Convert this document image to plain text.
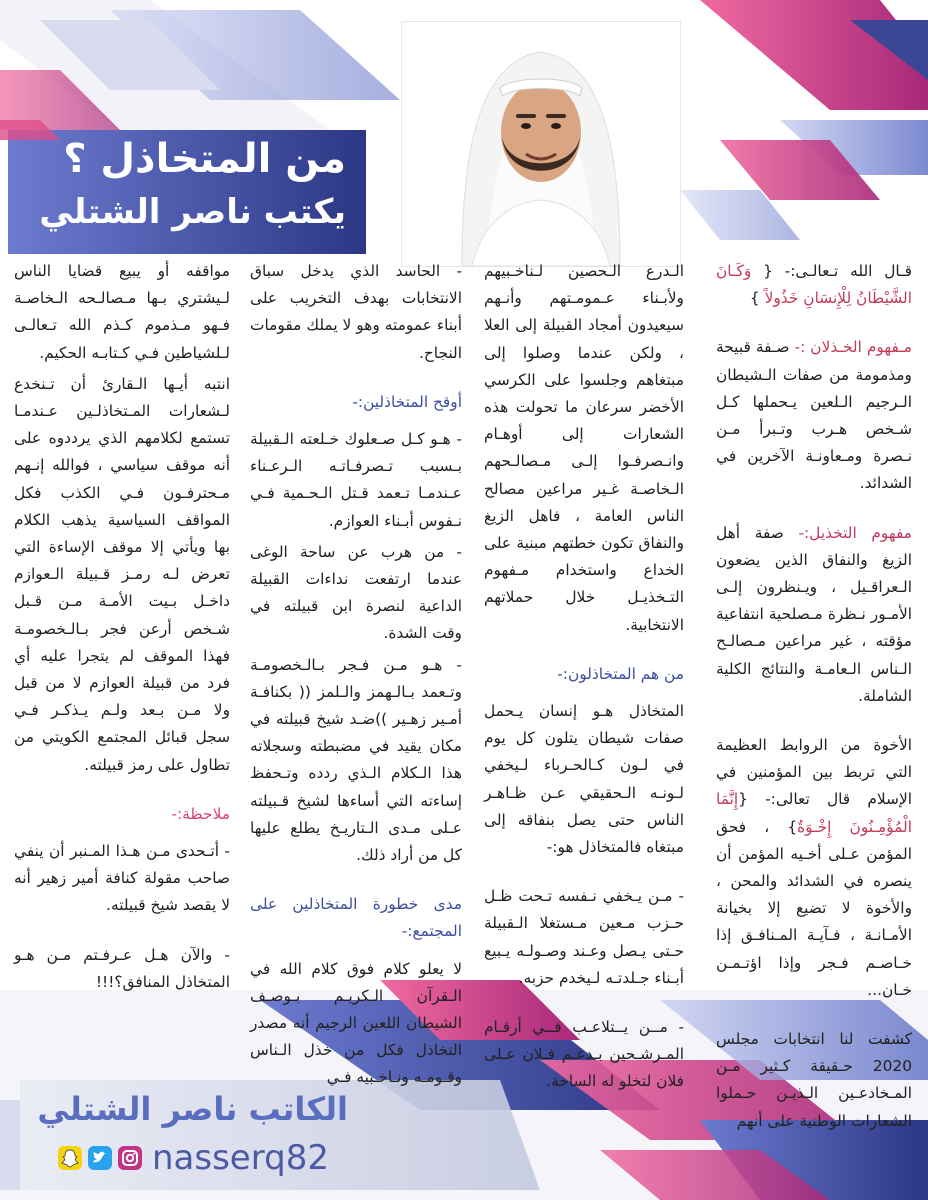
من المتخاذل ؟
يكتب ناصر الشتلي

قـال الله تـعالـى:- { وَكَـانَ الشَّيْطَانُ لِلْإِنسَانِ خَذُولاً }

مـفهوم الخـذلان :- صـفة قبيحة ومذمومة من صفات الـشيطان الـرجيم الـلعين يـحملها كـل شـخص هـرب وتـبرأ مـن نـصرة ومـعاونـة الآخرين في الشدائد.

مفهوم التخذيل:- صفة أهل الزيغ والنفاق الذين يضعون الـعراقـيل ، ويـنظرون إلـى الأمـور نـظرة مـصلحية انتفاعية مؤقته ، غير مراعين مـصالـح الـناس الـعامـة والنتائج الكلية الشاملة.

الأخوة من الروابط العظيمة التي تربط بين المؤمنين في الإسلام قال تعالى:- {إِنَّمَا الْمُؤْمِـنُونَ إِخْـوَةٌ} ، فحق المؤمن عـلى أخـيه المؤمن أن ينصره في الشدائد والمحن ، والأخوة لا تضيع إلا بخيانة الأمـانـة ، فـآيـة المـنافـق إذا خـاصـم فـجر وإذا اؤتـمـن خـان...

كشفت لنا انتخابات مجلس 2020 حـقيقة كـثير مـن المـخادعـين الـذيـن حـملوا الشعارات الوطنية على أنهم

الـدرع الـحصين لـناخـبيهم ولأبـناء عـمومـتهم وأنـهم سيعيدون أمجاد القبيلة إلى العلا ، ولكن عندما وصلوا إلى مبتغاهم وجلسوا على الكرسي الأخضر سرعان ما تحولت هذه الشعارات إلى أوهـام وانـصرفـوا إلـى مـصالـحهم الـخاصـة غـير مراعين مصالح الناس العامة ، فاهل الزيغ والنفاق تكون خطتهم مبنية على الخداع واستخدام مـفهوم التـخذيـل خلال حملاتهم الانتخابية.

من هم المتخاذلون:-

المتخاذل هـو إنسان يـحمل صفات شيطان يتلون كل يوم في لـون كـالحـرباء لـيخفي لـونـه الـحقيقي عـن ظـاهـر الناس حتى يصل بنفاقه إلى مبتغاه فالمتخاذل هو:-

- مـن يـخفي نـفسه تـحت ظـل حـزب مـعين مـستغلا الـقبيلة حـتى يـصل وعـند وصـولـه يـبيع أبـناء جـلدتـه لـيخدم حزبه.

- مــن يــتلاعـب فــي أرقـام المـرشـحين بـدعـم فـلان عـلى فلان لتخلو له الساحة.

- الحاسد الذي يدخل سباق الانتخابات بهدف التخريب على أبناء عمومته وهو لا يملك مقومات النجاح.

أوقح المتخاذلين:-

- هـو كـل صـعلوك خـلعته الـقبيلة بـسبب تـصرفـاتـه الـرعـناء عـندمـا تـعمد قـتل الـحـمية فـي نـفوس أبـناء العوازم.

- من هرب عن ساحة الوغى عندما ارتفعت نداءات القبيلة الداعية لنصرة ابن قبيلته في وقت الشدة.

- هـو مـن فـجر بـالـخصومـة وتـعمد بـالـهمز والـلمز (( بكنافـة أمـير زهـير ))ضـد شيخ قبيلته في مكان يقيد في مضبطته وسجلاته هذا الـكلام الـذي ردده وتـحفظ إساءته التي أساءها لشيخ قـبيلته عـلى مـدى الـتاريـخ يطلع عليها كل من أراد ذلك.

مدى خطورة المتخاذلين على المجتمع:-

لا يعلو كلام فوق كلام الله في الـقرآن الـكريـم بـوصـف الشيطان اللعين الرجيم أنه مصدر التخاذل فكل من خذل الـناس وقـومـه ونـاخـبيه فـي

مواقفه أو يبيع قضايا الناس لـيشتري بـها مـصالـحه الـخاصـة فـهو مـذموم كـذم الله تـعالـى لـلشياطين فـي كـتابـه الحكيم.

انتبه أيـها الـقارئ أن تـنخدع لـشعارات المـتخاذلـين عـندمـا تستمع لكلامهم الذي يرددوه على أنه موقف سياسي ، فوالله إنـهم مـحترفـون فـي الكذب فكل المواقف السياسية يذهب الكلام بها ويأتي إلا موقف الإساءة التي تعرض لـه رمـز قـبيلة الـعوازم داخـل بـيت الأمـة مـن قـبل شـخص أرعن فجر بـالـخصومـة فهذا الموقف لم يتجرا عليه أي فرد من قبيلة العوازم لا من قبل ولا مـن بـعد ولـم يـذكـر فـي سجل قبائل المجتمع الكويتي من تطاول على رمز قبيلته.

ملاحظة:-

- أتـحدى مـن هـذا المـنبر أن ينفي صاحب مقولة كنافة أمير زهير أنه لا يقصد شيخ قبيلته.

- والآن هـل عـرفـتم مـن هـو المتخاذل المنافق؟!!!

الكاتب ناصر الشتلي
nasserq82
